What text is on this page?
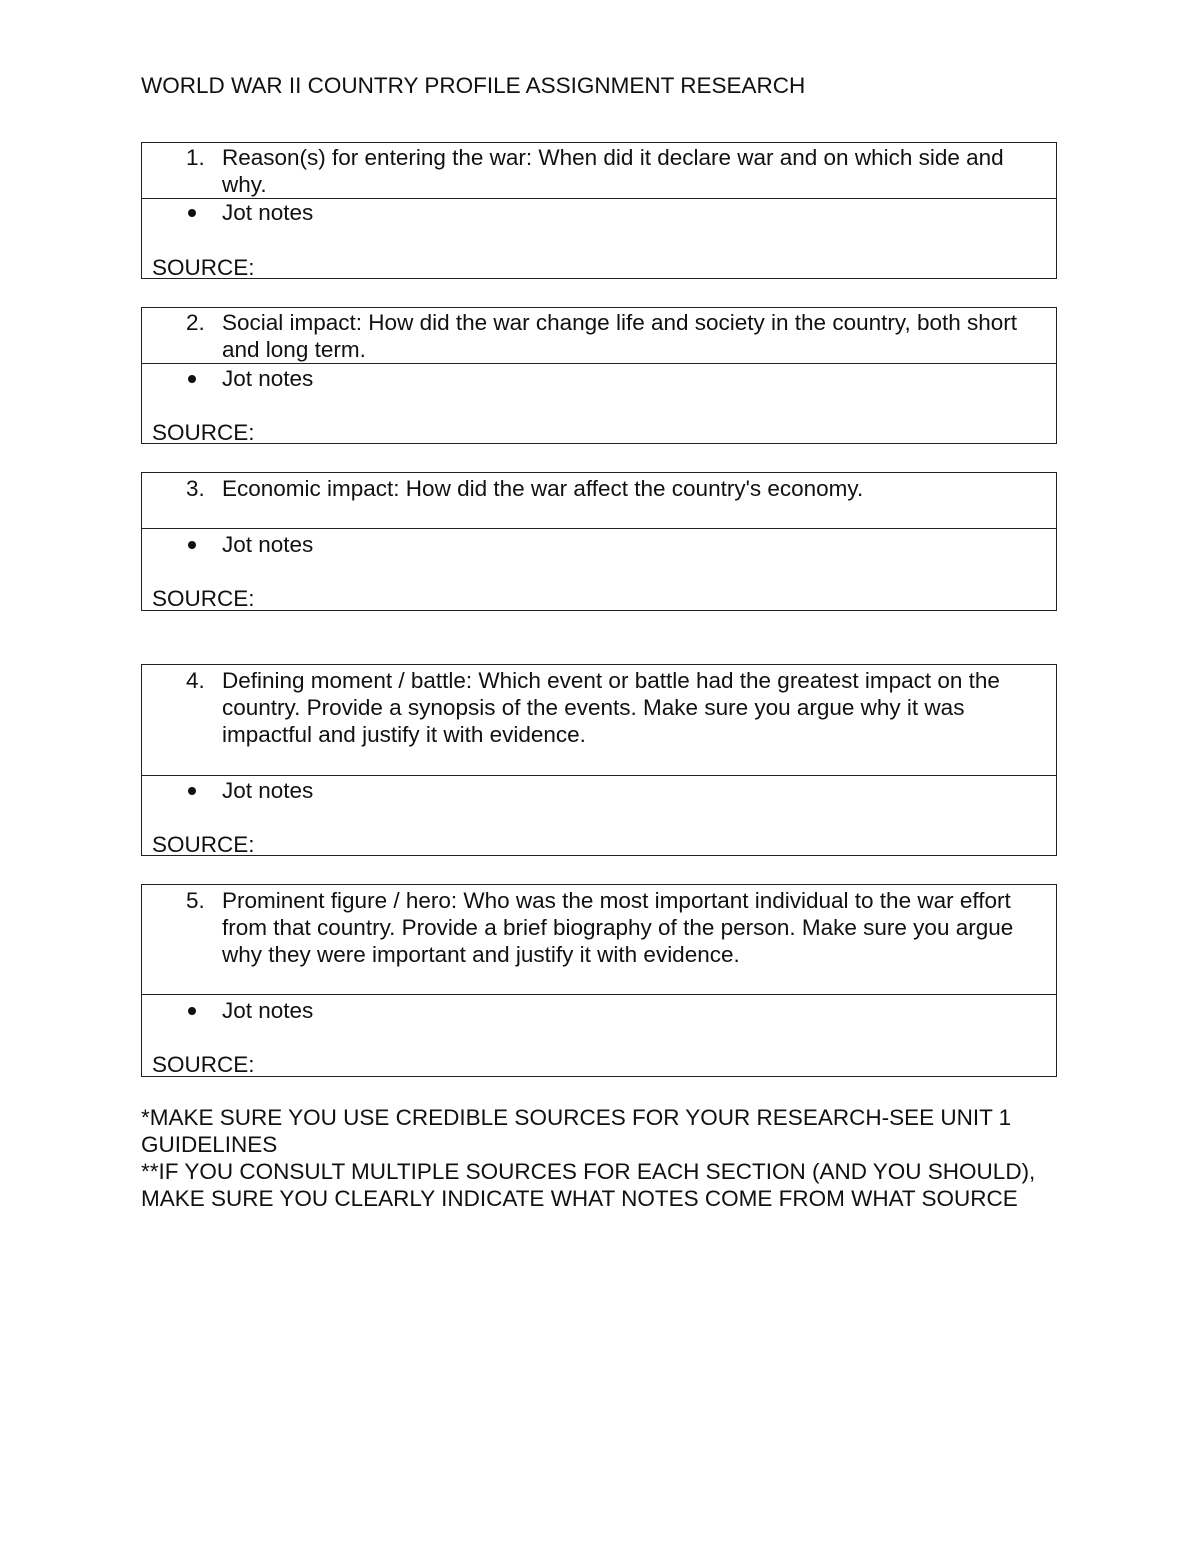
WORLD WAR II COUNTRY PROFILE ASSIGNMENT RESEARCH
1. Reason(s) for entering the war: When did it declare war and on which side and why.
Jot notes
SOURCE:
2. Social impact: How did the war change life and society in the country, both short and long term.
Jot notes
SOURCE:
3. Economic impact: How did the war affect the country's economy.
Jot notes
SOURCE:
4. Defining moment / battle: Which event or battle had the greatest impact on the country. Provide a synopsis of the events. Make sure you argue why it was impactful and justify it with evidence.
Jot notes
SOURCE:
5. Prominent figure / hero: Who was the most important individual to the war effort from that country. Provide a brief biography of the person. Make sure you argue why they were important and justify it with evidence.
Jot notes
SOURCE:

*MAKE SURE YOU USE CREDIBLE SOURCES FOR YOUR RESEARCH-SEE UNIT 1 GUIDELINES

**IF YOU CONSULT MULTIPLE SOURCES FOR EACH SECTION (AND YOU SHOULD), MAKE SURE YOU CLEARLY INDICATE WHAT NOTES COME FROM WHAT SOURCE
